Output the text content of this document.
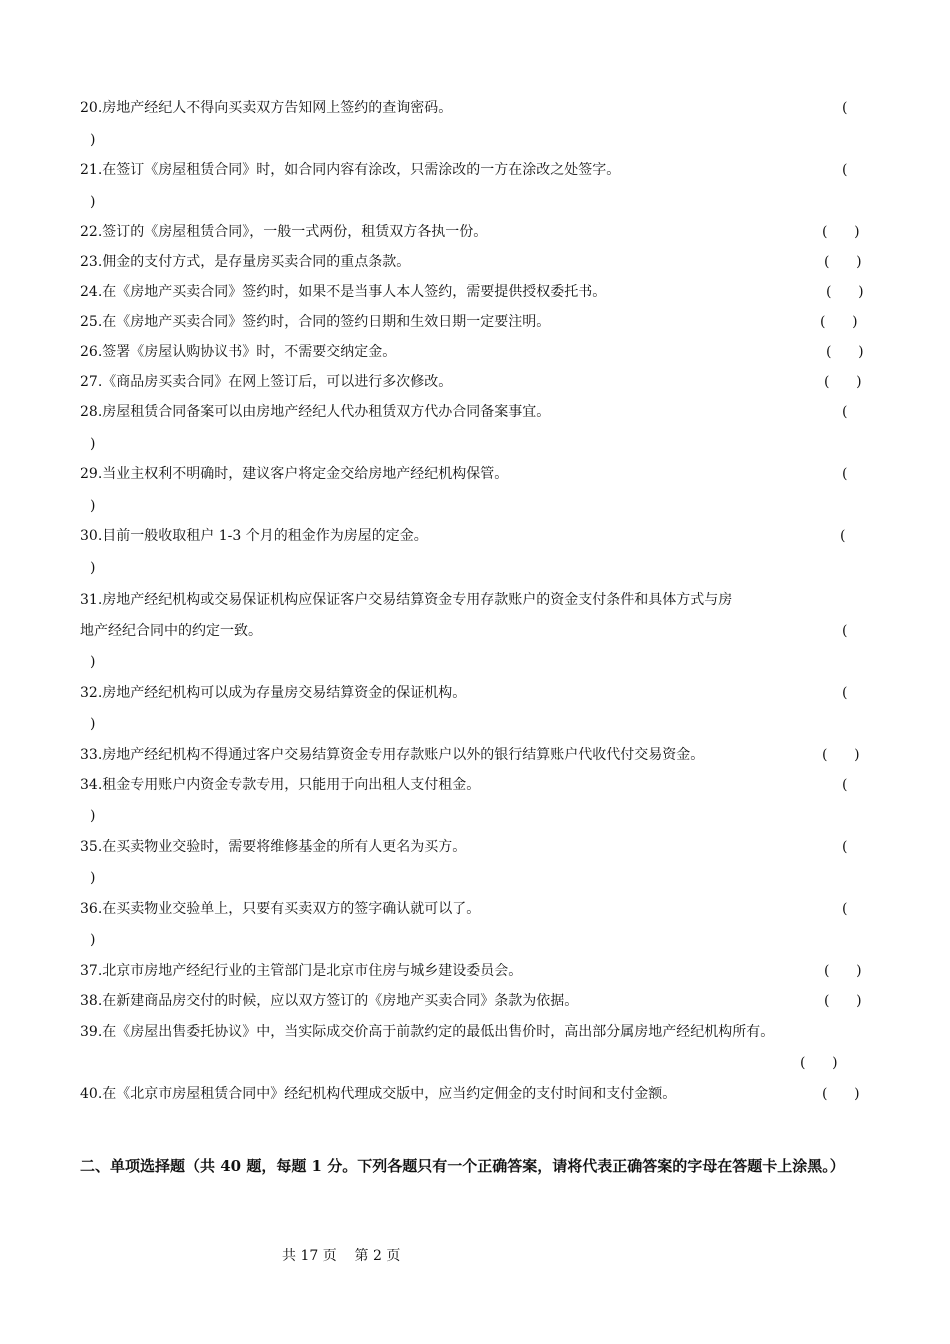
20.房地产经纪人不得向买卖双方告知网上签约的查询密码。	(
)
21.在签订《房屋租赁合同》时，如合同内容有涂改，只需涂改的一方在涂改之处签字。	(
)
22.签订的《房屋租赁合同》，一般一式两份，租赁双方各执一份。	(      )
23.佣金的支付方式，是存量房买卖合同的重点条款。	(      )
24.在《房地产买卖合同》签约时，如果不是当事人本人签约，需要提供授权委托书。	(      )
25.在《房地产买卖合同》签约时，合同的签约日期和生效日期一定要注明。	(      )
26.签署《房屋认购协议书》时，不需要交纳定金。	(      )
27.《商品房买卖合同》在网上签订后，可以进行多次修改。	(      )
28.房屋租赁合同备案可以由房地产经纪人代办租赁双方代办合同备案事宜。	(
)
29.当业主权利不明确时，建议客户将定金交给房地产经纪机构保管。	(
)
30.目前一般收取租户 1-3 个月的租金作为房屋的定金。	(
)
31.房地产经纪机构或交易保证机构应保证客户交易结算资金专用存款账户的资金支付条件和具体方式与房
地产经纪合同中的约定一致。	(
)
32.房地产经纪机构可以成为存量房交易结算资金的保证机构。	(
)
33.房地产经纪机构不得通过客户交易结算资金专用存款账户以外的银行结算账户代收代付交易资金。	(      )
34.租金专用账户内资金专款专用，只能用于向出租人支付租金。	(
)
35.在买卖物业交验时，需要将维修基金的所有人更名为买方。	(
)
36.在买卖物业交验单上，只要有买卖双方的签字确认就可以了。	(
)
37.北京市房地产经纪行业的主管部门是北京市住房与城乡建设委员会。	(      )
38.在新建商品房交付的时候，应以双方签订的《房地产买卖合同》条款为依据。	(      )
39.在《房屋出售委托协议》中，当实际成交价高于前款约定的最低出售价时，高出部分属房地产经纪机构所有。
(      )
40.在《北京市房屋租赁合同中》经纪机构代理成交版中，应当约定佣金的支付时间和支付金额。	(      )
二、单项选择题（共 40 题，每题 1 分。下列各题只有一个正确答案，请将代表正确答案的字母在答题卡上涂黑。）
共 17 页    第 2 页
